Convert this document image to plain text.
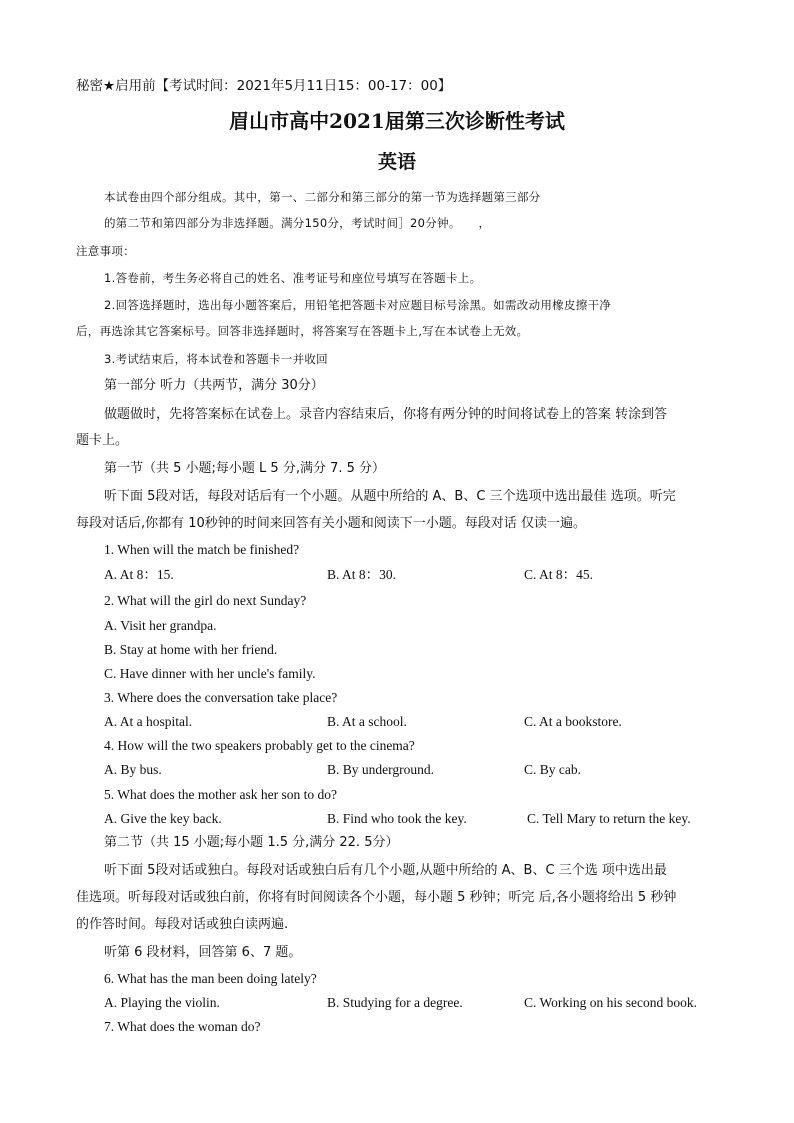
秘密★启用前【考试时间：2021年5月11日15：00-17：00】
眉山市高中2021届第三次诊断性考试
英语
本试卷由四个部分组成。其中，第一、二部分和第三部分的第一节为选择题第三部分
的第二节和第四部分为非选择题。满分150分，考试时间］20分钟。　　，
注意事项：
1.答卷前，考生务必将自己的姓名、准考证号和座位号填写在答题卡上。
2.回答选择题时，选出每小题答案后，用铅笔把答题卡对应题目标号涂黑。如需改动用橡皮擦干净
后，再选涂其它答案标号。回答非选择题时，将答案写在答题卡上,写在本试卷上无效。
3.考试结束后，将本试卷和答题卡一并收回
第一部分 听力（共两节，满分 30分）
做题做时，先将答案标在试卷上。录音内容结束后，你将有两分钟的时间将试卷上的答案 转涂到答
题卡上。
第一节（共 5 小题;每小题 L 5 分,满分 7. 5 分）
听下面 5段对话，每段对话后有一个小题。从题中所给的 A、B、C 三个选项中选出最佳 选项。听完
每段对话后,你都有 10秒钟的时间来回答有关小题和阅读下一小题。每段对话 仅读一遍。
1. When will the match be finished?
A. At 8：15.	B. At 8：30.	C. At 8：45.
2. What will the girl do next Sunday?
A. Visit her grandpa.
B. Stay at home with her friend.
C. Have dinner with her uncle's family.
3. Where does the conversation take place?
A. At a hospital.	B. At a school.	C. At a bookstore.
4. How will the two speakers probably get to the cinema?
A. By bus.	B. By underground.	C. By cab.
5. What does the mother ask her son to do?
A. Give the key back.	B. Find who took the key.	C. Tell Mary to return the key.
第二节（共 15 小题;每小题 1.5 分,满分 22. 5分）
听下面 5段对话或独白。每段对话或独白后有几个小题,从题中所给的 A、B、C 三个选 项中选出最
佳选项。听每段对话或独白前，你将有时间阅读各个小题，每小题 5 秒钟；听完 后,各小题将给出 5 秒钟
的作答时间。每段对话或独白读两遍.
听第 6 段材料，回答第 6、7 题。
6. What has the man been doing lately?
A. Playing the violin.	B. Studying for a degree.	C. Working on his second book.
7. What does the woman do?
